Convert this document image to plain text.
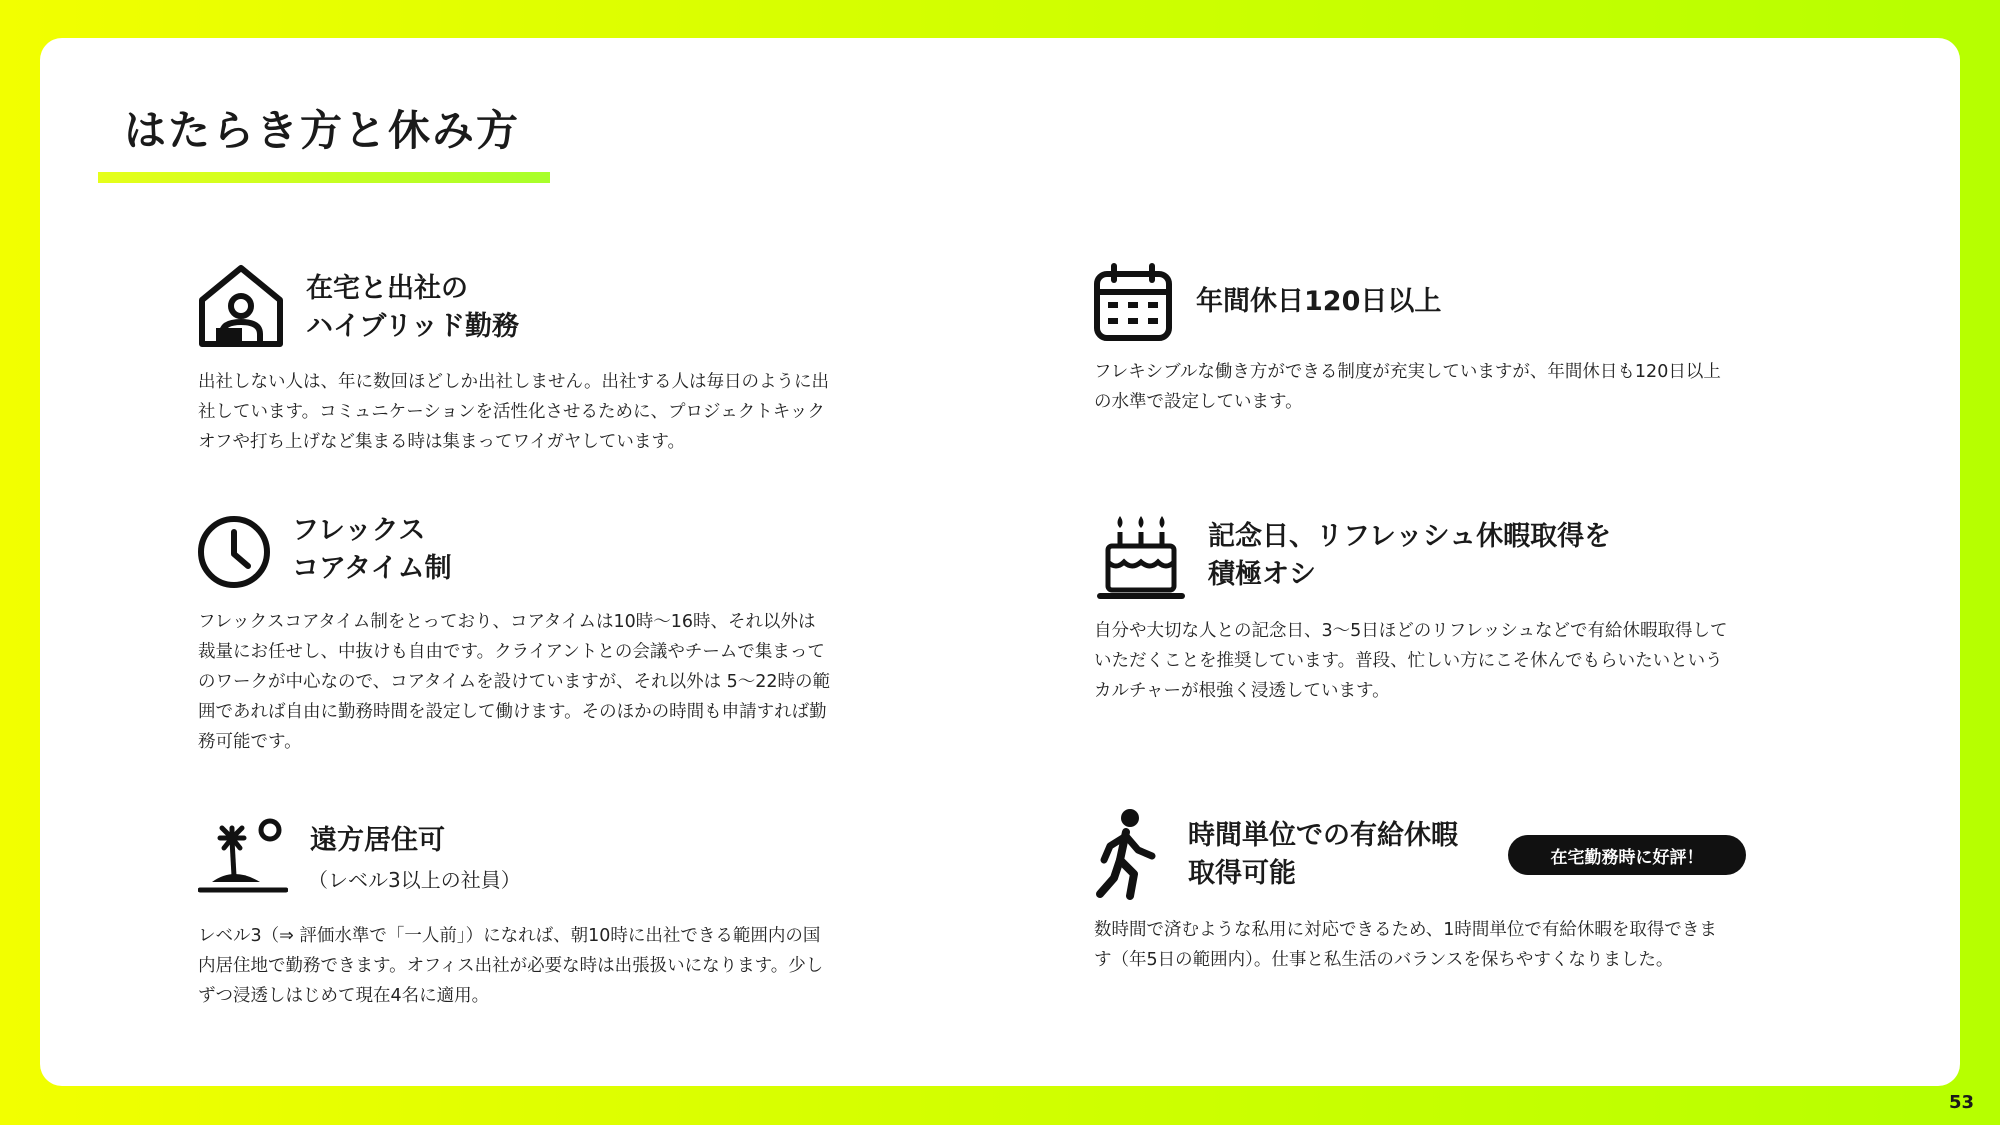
はたらき方と休み方
在宅と出社の
ハイブリッド勤務
出社しない人は、年に数回ほどしか出社しません。出社する人は毎日のように出
社しています。コミュニケーションを活性化させるために、プロジェクトキック
オフや打ち上げなど集まる時は集まってワイガヤしています。
年間休日120日以上
フレキシブルな働き方ができる制度が充実していますが、年間休日も120日以上
の水準で設定しています。
フレックス
コアタイム制
フレックスコアタイム制をとっており、コアタイムは10時〜16時、それ以外は
裁量にお任せし、中抜けも自由です。クライアントとの会議やチームで集まって
のワークが中心なので、コアタイムを設けていますが、それ以外は 5〜22時の範
囲であれば自由に勤務時間を設定して働けます。そのほかの時間も申請すれば勤
務可能です。
記念日、リフレッシュ休暇取得を
積極オシ
自分や大切な人との記念日、3〜5日ほどのリフレッシュなどで有給休暇取得して
いただくことを推奨しています。普段、忙しい方にこそ休んでもらいたいという
カルチャーが根強く浸透しています。
遠方居住可
（レベル3以上の社員）
レベル3（⇒ 評価水準で「一人前」）になれば、朝10時に出社できる範囲内の国
内居住地で勤務できます。オフィス出社が必要な時は出張扱いになります。少し
ずつ浸透しはじめて現在4名に適用。
時間単位での有給休暇
取得可能
在宅勤務時に好評！
数時間で済むような私用に対応できるため、1時間単位で有給休暇を取得できま
す（年5日の範囲内）。仕事と私生活のバランスを保ちやすくなりました。
53
